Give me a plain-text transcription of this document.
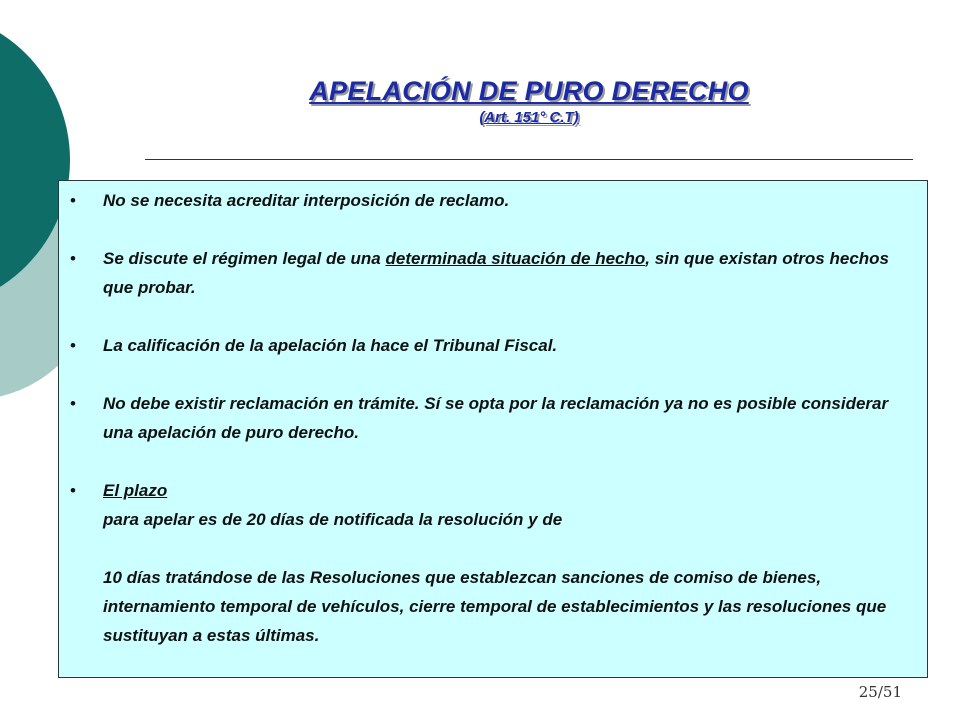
APELACIÓN DE PURO DERECHO
(Art. 151° C.T)
• No se necesita acreditar interposición de reclamo.
• Se discute el régimen legal de una determinada situación de hecho, sin que existan otros hechos que probar.
• La calificación de la apelación la hace el Tribunal Fiscal.
• No debe existir reclamación en trámite. Sí se opta por la reclamación ya no es posible considerar una apelación de puro derecho.
• El plazo
para apelar es de 20 días de notificada la resolución y de
10 días tratándose de las Resoluciones que establezcan sanciones de comiso de bienes, internamiento temporal de vehículos, cierre temporal de establecimientos y las resoluciones que sustituyan a estas últimas.
25/51
